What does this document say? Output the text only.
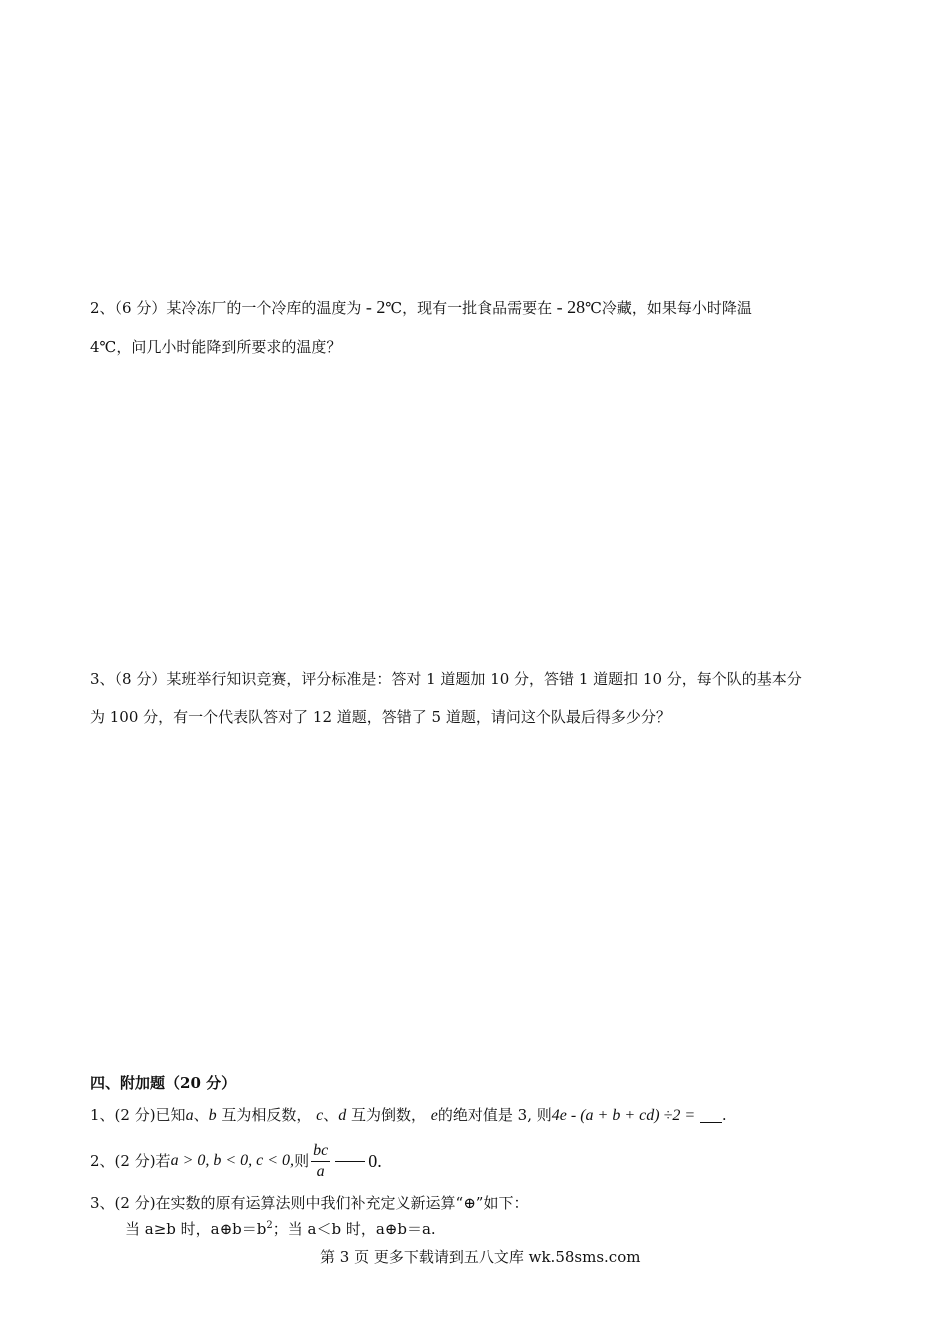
2、（6 分）某冷冻厂的一个冷库的温度为 - 2℃，现有一批食品需要在 - 28℃冷藏，如果每小时降温
4℃，问几小时能降到所要求的温度？
3、（8 分）某班举行知识竞赛，评分标准是：答对 1 道题加 10 分，答错 1 道题扣 10 分，每个队的基本分
为 100 分，有一个代表队答对了 12 道题，答错了 5 道题，请问这个队最后得多少分？
四、附加题（20 分）
1、(2 分)已知a、b 互为相反数， c、d 互为倒数， e的绝对值是 3, 则4e - (a + b + cd) ÷2 = .
2、(2 分)若 a > 0, b < 0, c < 0, 则 $\frac{bc}{a} 0$.
3、(2 分)在实数的原有运算法则中我们补充定义新运算“⊕”如下：
当 a≥b 时，$a\oplus b=b^2$；当 a＜b 时，a⊕b＝a.
第 3 页 更多下载请到五八文库 wk.58sms.com
